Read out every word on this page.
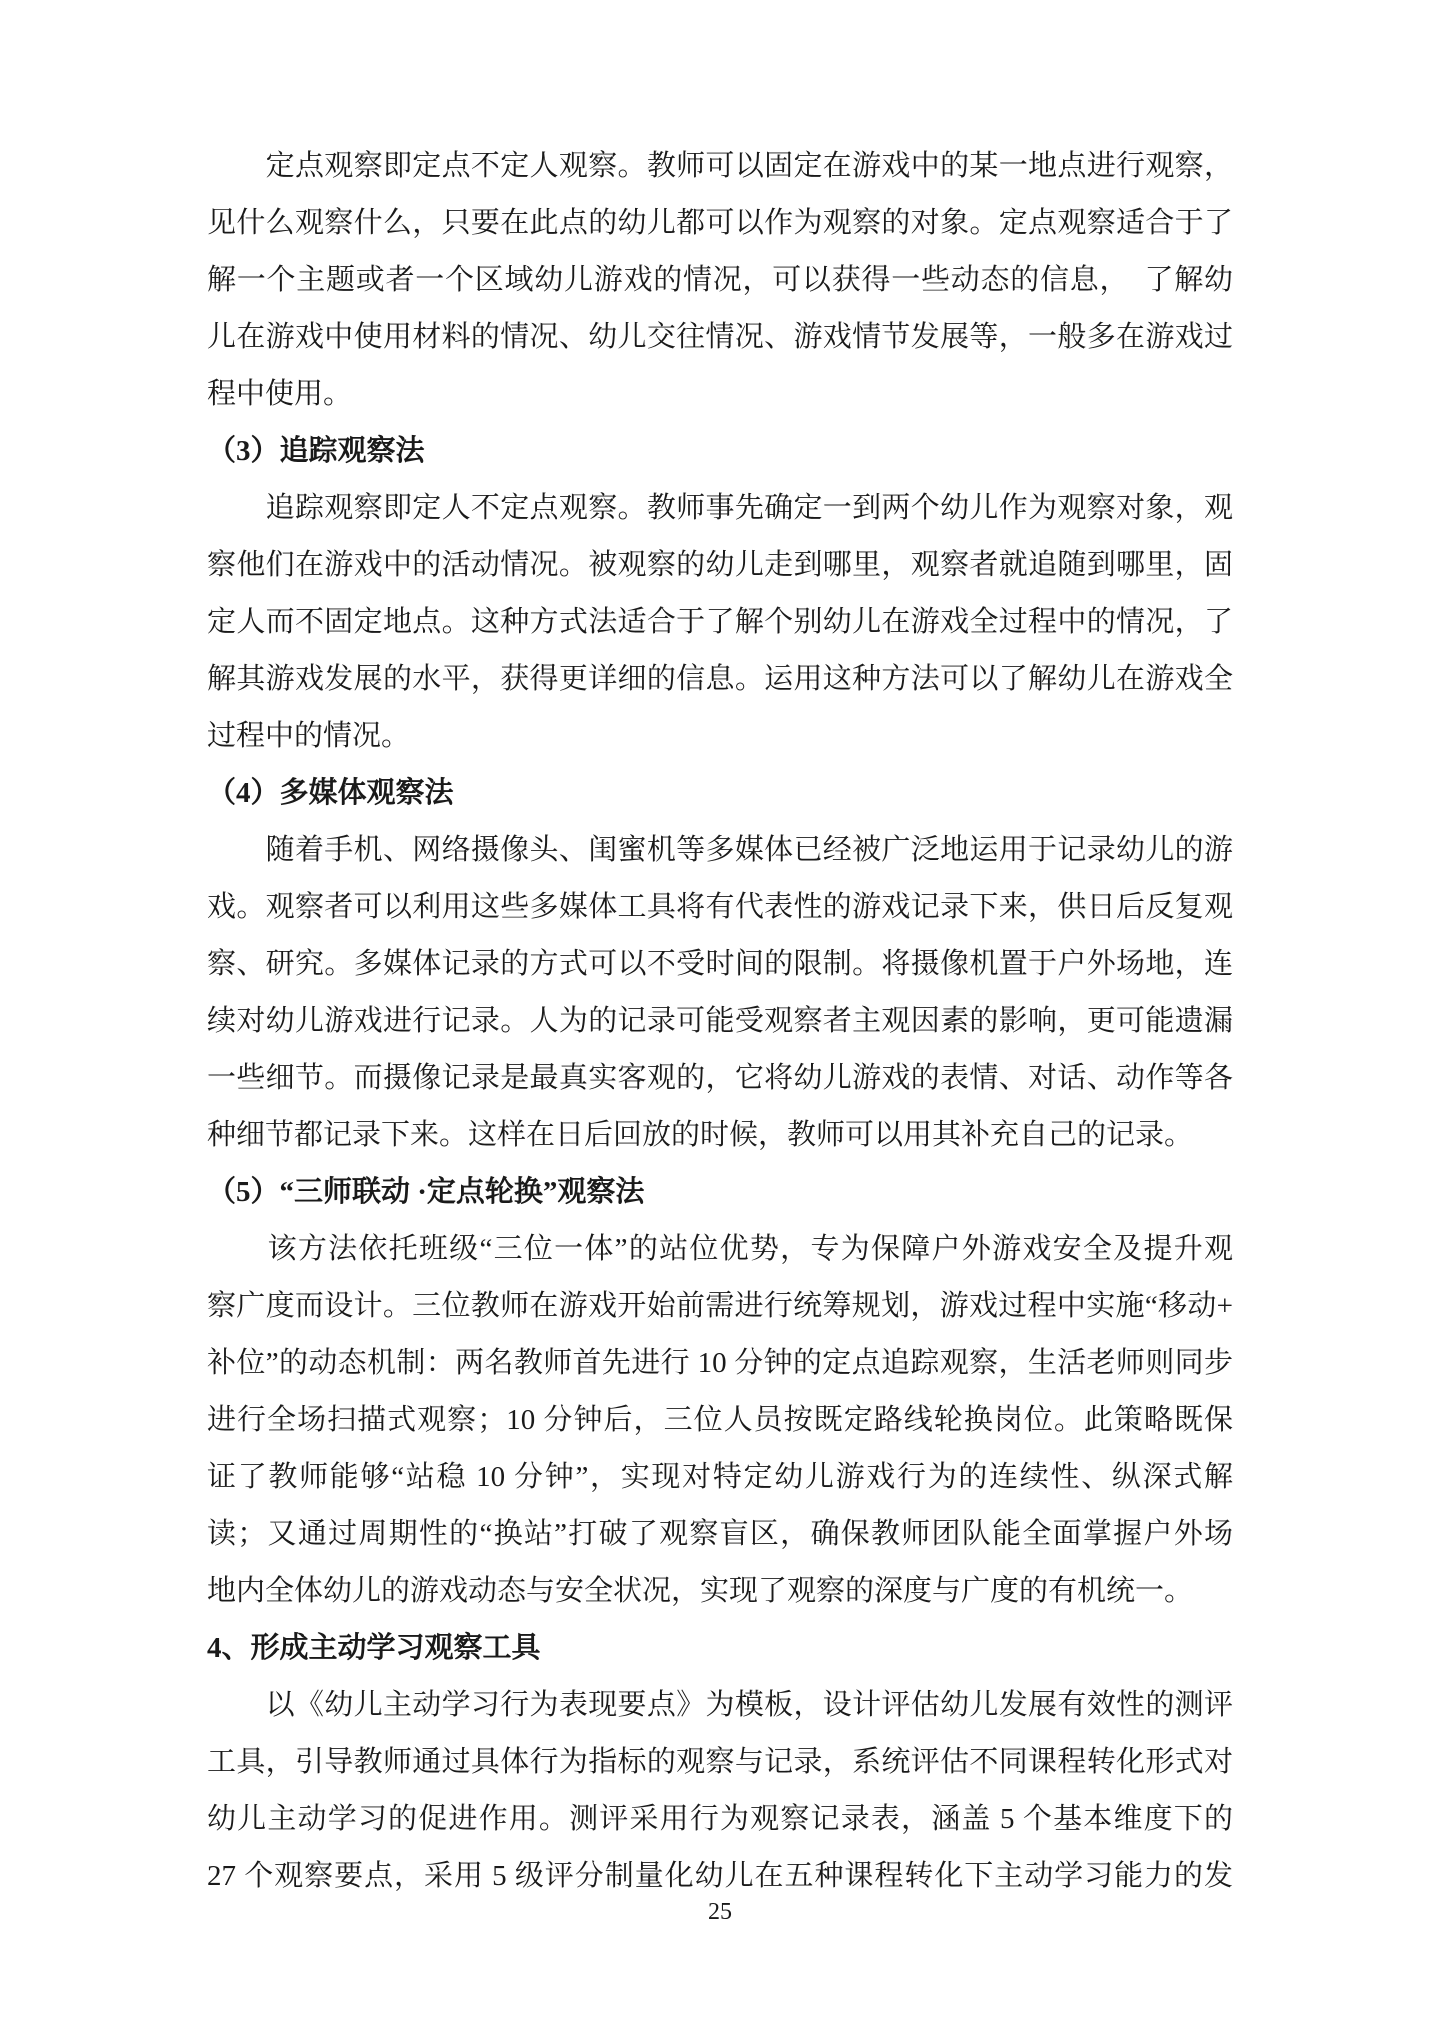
　　定点观察即定点不定人观察。教师可以固定在游戏中的某一地点进行观察，
见什么观察什么，只要在此点的幼儿都可以作为观察的对象。定点观察适合于了
解一个主题或者一个区域幼儿游戏的情况，可以获得一些动态的信息，　了解幼
儿在游戏中使用材料的情况、幼儿交往情况、游戏情节发展等，一般多在游戏过
程中使用。
（3）追踪观察法
　　追踪观察即定人不定点观察。教师事先确定一到两个幼儿作为观察对象，观
察他们在游戏中的活动情况。被观察的幼儿走到哪里，观察者就追随到哪里，固
定人而不固定地点。这种方式法适合于了解个别幼儿在游戏全过程中的情况，了
解其游戏发展的水平，获得更详细的信息。运用这种方法可以了解幼儿在游戏全
过程中的情况。
（4）多媒体观察法
　　随着手机、网络摄像头、闺蜜机等多媒体已经被广泛地运用于记录幼儿的游
戏。观察者可以利用这些多媒体工具将有代表性的游戏记录下来，供日后反复观
察、研究。多媒体记录的方式可以不受时间的限制。将摄像机置于户外场地，连
续对幼儿游戏进行记录。人为的记录可能受观察者主观因素的影响，更可能遗漏
一些细节。而摄像记录是最真实客观的，它将幼儿游戏的表情、对话、动作等各
种细节都记录下来。这样在日后回放的时候，教师可以用其补充自己的记录。
（5）“三师联动 ·定点轮换”观察法
　　该方法依托班级“三位一体”的站位优势，专为保障户外游戏安全及提升观
察广度而设计。三位教师在游戏开始前需进行统筹规划，游戏过程中实施“移动+
补位”的动态机制：两名教师首先进行 10 分钟的定点追踪观察，生活老师则同步
进行全场扫描式观察；10 分钟后，三位人员按既定路线轮换岗位。此策略既保
证了教师能够“站稳 10 分钟”，实现对特定幼儿游戏行为的连续性、纵深式解
读；又通过周期性的“换站”打破了观察盲区，确保教师团队能全面掌握户外场
地内全体幼儿的游戏动态与安全状况，实现了观察的深度与广度的有机统一。
4、形成主动学习观察工具
　　以《幼儿主动学习行为表现要点》为模板，设计评估幼儿发展有效性的测评
工具，引导教师通过具体行为指标的观察与记录，系统评估不同课程转化形式对
幼儿主动学习的促进作用。测评采用行为观察记录表，涵盖 5 个基本维度下的
27 个观察要点，采用 5 级评分制量化幼儿在五种课程转化下主动学习能力的发
25
